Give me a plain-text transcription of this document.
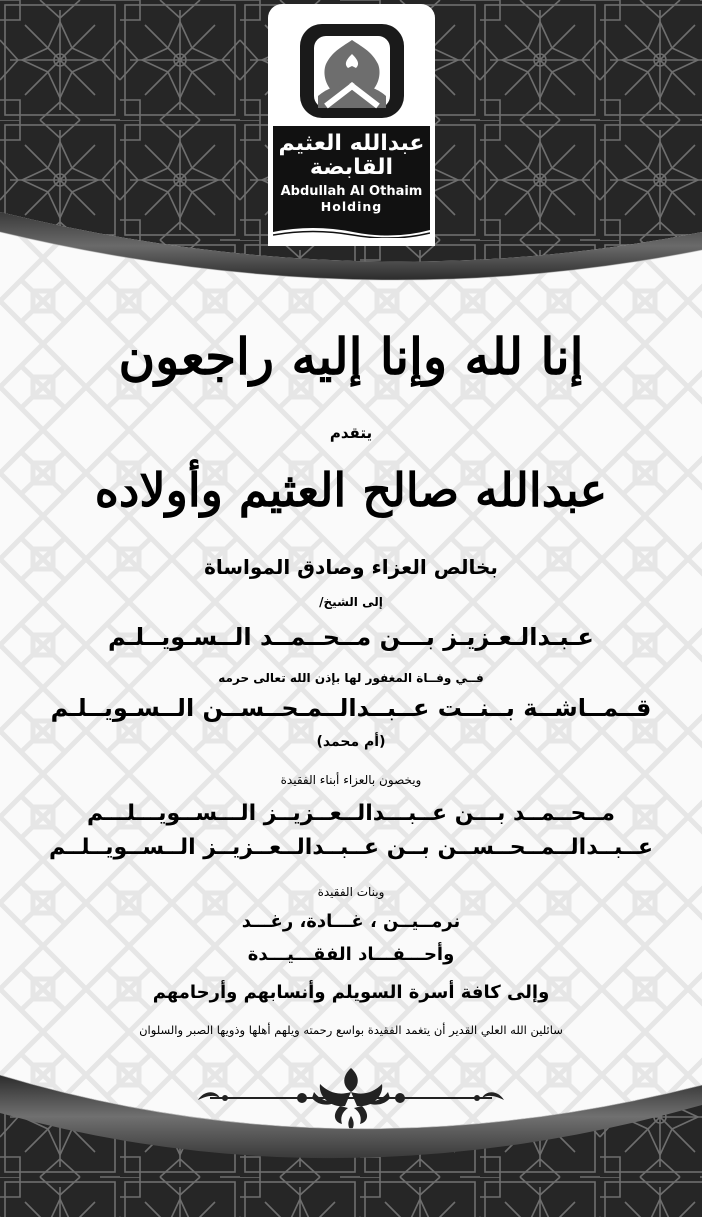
عبدالله العثيم
القابضة
Abdullah Al Othaim
Holding
إنا لله وإنا إليه راجعون
يتقدم
عبدالله صالح العثيم وأولاده
بخالص العزاء وصادق المواساة
إلى الشيخ/
عـبـدالـعـزيـز بـــن مــحــمــد الــسـويــلـم
فــي وفــاة المغفور لها بإذن الله تعالى حرمه
قــمــاشــة بــنــت عــبــدالــمـحــســن الــسـويــلـم
(أم محمد)
ويخصون بالعزاء أبناء الفقيدة
مــحــمــد بـــن عــبـــدالــعــزيــز الـــســويـــلـــم
عــبــدالــمــحــســن بــن عــبــدالــعــزيــز الــســويــلــم
وبنات الفقيدة
نرمــيــن ، غـــادة، رغـــد
وأحـــفـــاد الفقـــيـــدة
وإلى كافة أسرة السويلم وأنسابهم وأرحامهم
سائلين الله العلي القدير أن يتغمد الفقيدة بواسع رحمته ويلهم أهلها وذويها الصبر والسلوان
